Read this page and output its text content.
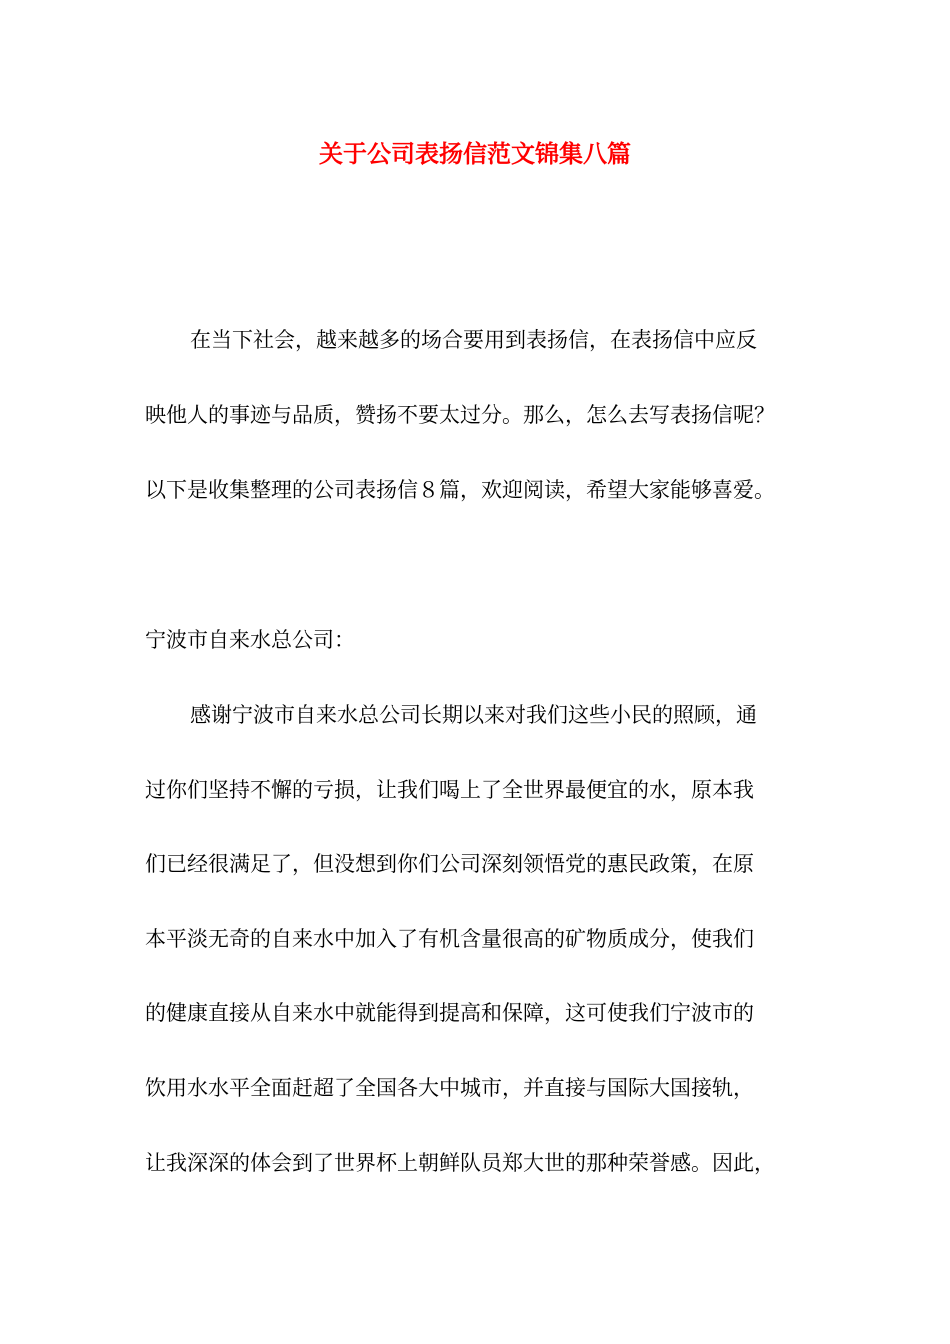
关于公司表扬信范文锦集八篇
在当下社会，越来越多的场合要用到表扬信，在表扬信中应反
映他人的事迹与品质，赞扬不要太过分。那么，怎么去写表扬信呢？
以下是收集整理的公司表扬信８篇，欢迎阅读，希望大家能够喜爱。
宁波市自来水总公司：
感谢宁波市自来水总公司长期以来对我们这些小民的照顾，通
过你们坚持不懈的亏损，让我们喝上了全世界最便宜的水，原本我
们已经很满足了，但没想到你们公司深刻领悟党的惠民政策，在原
本平淡无奇的自来水中加入了有机含量很高的矿物质成分，使我们
的健康直接从自来水中就能得到提高和保障，这可使我们宁波市的
饮用水水平全面赶超了全国各大中城市，并直接与国际大国接轨，
让我深深的体会到了世界杯上朝鲜队员郑大世的那种荣誉感。因此，
